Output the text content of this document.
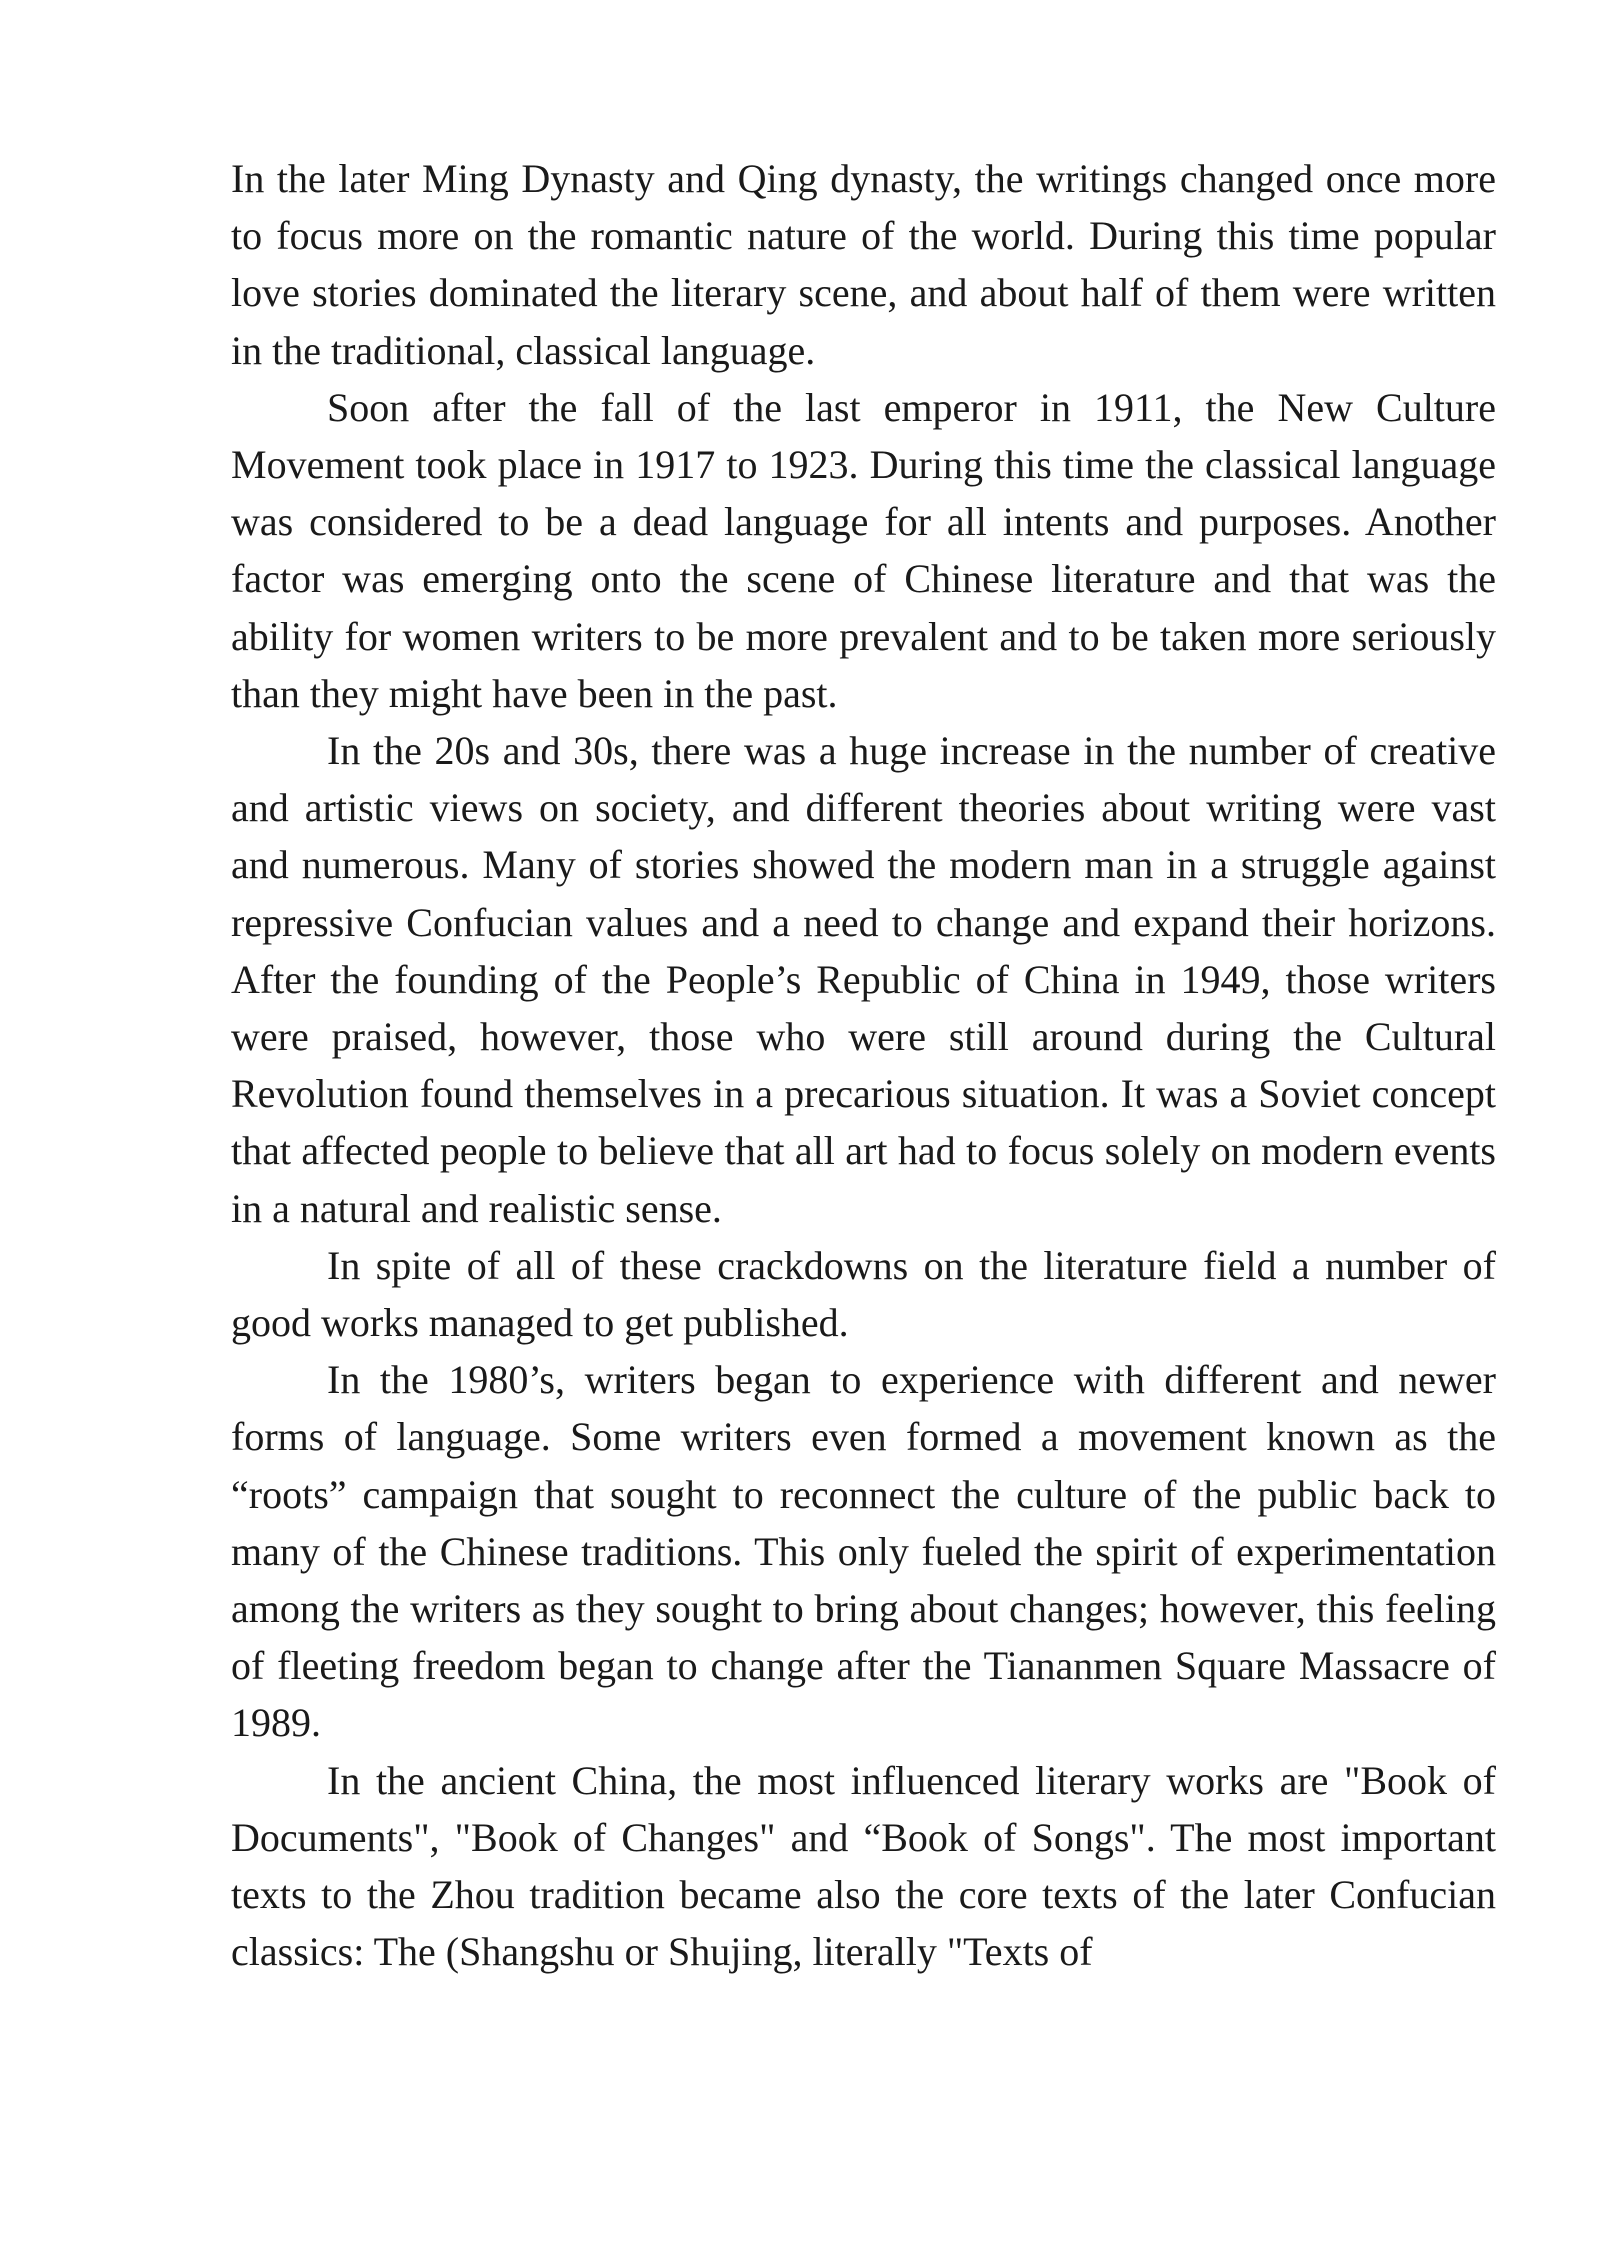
In the later Ming Dynasty and Qing dynasty, the writings changed once more to focus more on the romantic nature of the world. During this time popular love stories dominated the literary scene, and about half of them were written in the traditional, classical language.

Soon after the fall of the last emperor in 1911, the New Culture Movement took place in 1917 to 1923. During this time the classical language was considered to be a dead language for all intents and purposes. Another factor was emerging onto the scene of Chinese literature and that was the ability for women writers to be more prevalent and to be taken more seriously than they might have been in the past.

In the 20s and 30s, there was a huge increase in the number of creative and artistic views on society, and different theories about writing were vast and numerous. Many of stories showed the modern man in a struggle against repressive Confucian values and a need to change and expand their horizons. After the founding of the People’s Republic of China in 1949, those writers were praised, however, those who were still around during the Cultural Revolution found themselves in a precarious situation. It was a Soviet concept that affected people to believe that all art had to focus solely on modern events in a natural and realistic sense.

In spite of all of these crackdowns on the literature field a number of good works managed to get published.

In the 1980’s, writers began to experience with different and newer forms of language. Some writers even formed a movement known as the “roots” campaign that sought to reconnect the culture of the public back to many of the Chinese traditions. This only fueled the spirit of experimentation among the writers as they sought to bring about changes; however, this feeling of fleeting freedom began to change after the Tiananmen Square Massacre of 1989.

In the ancient China, the most influenced literary works are "Book of Documents", "Book of Changes" and “Book of Songs". The most important texts to the Zhou tradition became also the core texts of the later Confucian classics: The (Shangshu or Shujing, literally "Texts of
